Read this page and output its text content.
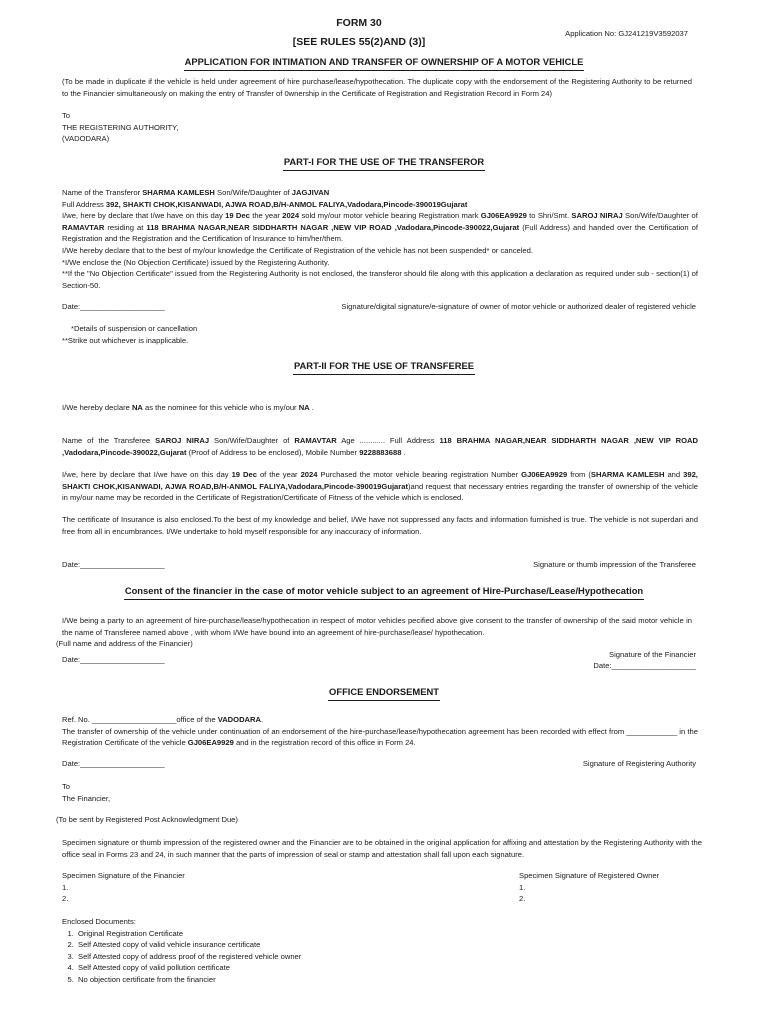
FORM 30
[SEE RULES 55(2)AND (3)]
Application No: GJ241219V3592037
APPLICATION FOR INTIMATION AND TRANSFER OF OWNERSHIP OF A MOTOR VEHICLE
(To be made in duplicate if the vehicle is held under agreement of hire purchase/lease/hypothecation. The duplicate copy with the endorsement of the Registering Authority to be returned to the Financier simultaneously on making the entry of Transfer of 0wnership in the Certificate of Registration and Registration Record in Form 24)
To
THE REGISTERING AUTHORITY,
(VADODARA)
PART-I FOR THE USE OF THE TRANSFEROR
Name of the Transferor SHARMA KAMLESH Son/Wife/Daughter of JAGJIVAN
Full Address 392, SHAKTI CHOK,KISANWADI, AJWA ROAD,B/H-ANMOL FALIYA,Vadodara,Pincode-390019Gujarat
I/we, here by declare that I/we have on this day 19 Dec the year 2024 sold my/our motor vehicle bearing Registration mark GJ06EA9929 to Shri/Smt. SAROJ NIRAJ Son/Wife/Daughter of RAMAVTAR residing at 118 BRAHMA NAGAR,NEAR SIDDHARTH NAGAR ,NEW VIP ROAD ,Vadodara,Pincode-390022,Gujarat (Full Address) and handed over the Certification of Registration and the Registration and the Certification of Insurance to him/her/them.
I/We hereby declare that to the best of my/our knowledge the Certificate of Registration of the vehicle has not been suspended* or canceled.
*I/We enclose the (No Objection Certificate) issued by the Registering Authority.
**If the "No Objection Certificate" issued from the Registering Authority is not enclosed, the transferor should file along with this application a declaration as required under sub - section(1) of Section-50.
Date:____________________	Signature/digital signature/e-signature of owner of motor vehicle or authorized dealer of registered vehicle
*Details of suspension or cancellation
**Strike out whichever is inapplicable.
PART-II FOR THE USE OF TRANSFEREE
I/We hereby declare NA as the nominee for this vehicle who is my/our NA .
Name of the Transferee SAROJ NIRAJ Son/Wife/Daughter of RAMAVTAR Age ............ Full Address 118 BRAHMA NAGAR,NEAR SIDDHARTH NAGAR ,NEW VIP ROAD ,Vadodara,Pincode-390022,Gujarat (Proof of Address to be enclosed), Mobile Number 9228883688 .
I/we, here by declare that I/we have on this day 19 Dec of the year 2024 Purchased the motor vehicle bearing registration Number GJ06EA9929 from (SHARMA KAMLESH and 392, SHAKTI CHOK,KISANWADI, AJWA ROAD,B/H-ANMOL FALIYA,Vadodara,Pincode-390019Gujarat)and request that necessary entries regarding the transfer of ownership of the vehicle in my/our name may be recorded in the Certificate of Registration/Certificate of Fitness of the vehicle which is enclosed.
The certificate of Insurance is also enclosed.To the best of my knowledge and belief, I/We have not suppressed any facts and information furnished is true. The vehicle is not superdari and free from all in encumbrances. I/We undertake to hold myself responsible for any inaccuracy of information.
Date:____________________	Signature or thumb impression of the Transferee
Consent of the financier in the case of motor vehicle subject to an agreement of Hire-Purchase/Lease/Hypothecation
I/We being a party to an agreement of hire-purchase/lease/hypothecation in respect of motor vehicles pecified above give consent to the transfer of ownership of the said motor vehicle in the name of Transferee named above , with whom I/We have bound into an agreement of hire-purchase/lease/ hypothecation.
(Full name and address of the Financier)
Date:____________________
Signature of the Financier
Date:____________________
OFFICE ENDORSEMENT
Ref. No. ____________________office of the VADODARA.
The transfer of ownership of the vehicle under continuation of an endorsement of the hire-purchase/lease/hypothecation agreement has been recorded with effect from ____________ in the Registration Certificate of the vehicle GJ06EA9929 and in the registration record of this office in Form 24.
Date:____________________	Signature of Registering Authority
To
The Financier,
(To be sent by Registered Post Acknowledgment Due)
Specimen signature or thumb impression of the registered owner and the Financier are to be obtained in the original application for affixing and attestation by the Registering Authority with the office seal in Forms 23 and 24, in such manner that the parts of impression of seal or stamp and attestation shall fall upon each signature.
Specimen Signature of the Financier
1.
2.
Specimen Signature of Registered Owner
1.
2.
Enclosed Documents:
1. Original Registration Certificate
2. Self Attested copy of valid vehicle insurance certificate
3. Self Attested copy of address proof of the registered vehicle owner
4. Self Attested copy of valid pollution certificate
5. No objection certificate from the financier
